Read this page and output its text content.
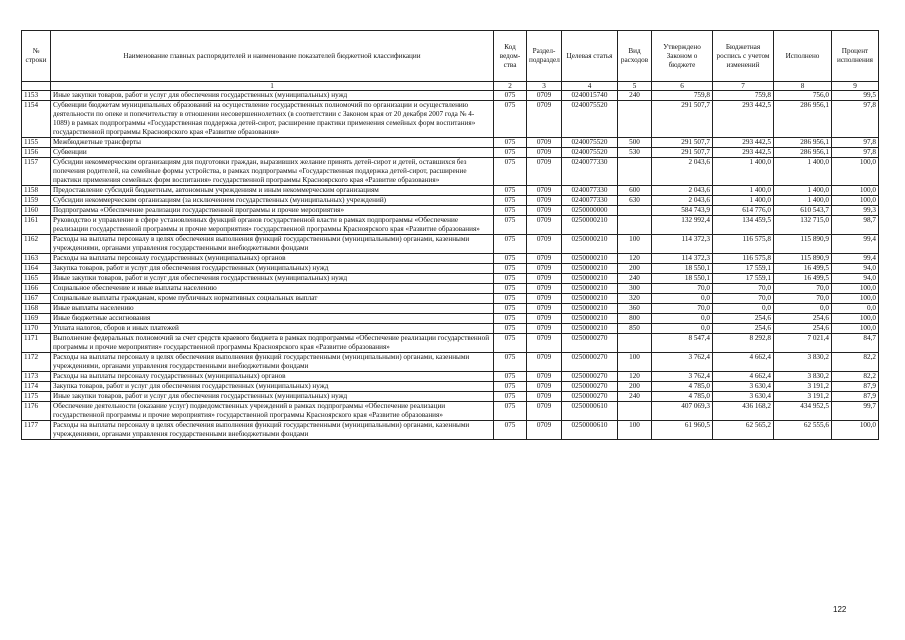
№ строки	Наименование главных распорядителей и наименование показателей бюджетной классификации	Код ведом-ства	Раздел-подраздел	Целевая статья	Вид расходов	Утверждено Законом о бюджете	Бюджетная роспись с учетом изменений	Исполнено	Процент исполнения
	1	2	3	4	5	6	7	8	9
1153	Иные закупки товаров, работ и услуг для обеспечения государственных (муниципальных) нужд	075	0709	0240015740	240	759,8	759,8	756,0	99,5
1154	Субвенции бюджетам муниципальных образований на осуществление государственных полномочий по организации и осуществлению деятельности по опеке и попечительству в отношении несовершеннолетних (в соответствии с Законом края от 20 декабря 2007 года № 4-1089) в рамках подпрограммы «Государственная поддержка детей-сирот, расширение практики применения семейных форм воспитания» государственной программы Красноярского края «Развитие образования»	075	0709	0240075520		291 507,7	293 442,5	286 956,1	97,8
1155	Межбюджетные трансферты	075	0709	0240075520	500	291 507,7	293 442,5	286 956,1	97,8
1156	Субвенции	075	0709	0240075520	530	291 507,7	293 442,5	286 956,1	97,8
1157	Субсидии некоммерческим организациям для подготовки граждан, выразивших желание принять детей-сирот и детей, оставшихся без попечения родителей, на семейные формы устройства, в рамках подпрограммы «Государственная поддержка детей-сирот, расширение практики применения семейных форм воспитания» государственной программы Красноярского края «Развитие образования»	075	0709	0240077330		2 043,6	1 400,0	1 400,0	100,0
1158	Предоставление субсидий бюджетным, автономным учреждениям и иным некоммерческим организациям	075	0709	0240077330	600	2 043,6	1 400,0	1 400,0	100,0
1159	Субсидии некоммерческим организациям (за исключением государственных (муниципальных) учреждений)	075	0709	0240077330	630	2 043,6	1 400,0	1 400,0	100,0
1160	Подпрограмма «Обеспечение реализации государственной программы и прочие мероприятия»	075	0709	0250000000		584 743,9	614 776,0	610 543,7	99,3
1161	Руководство и управление в сфере установленных функций органов государственной власти в рамках подпрограммы «Обеспечение реализации государственной программы и прочие мероприятия» государственной программы Красноярского края «Развитие образования»	075	0709	0250000210		132 992,4	134 459,5	132 715,0	98,7
1162	Расходы на выплаты персоналу в целях обеспечения выполнения функций государственными (муниципальными) органами, казенными учреждениями, органами управления государственными внебюджетными фондами	075	0709	0250000210	100	114 372,3	116 575,8	115 890,9	99,4
1163	Расходы на выплаты персоналу государственных (муниципальных) органов	075	0709	0250000210	120	114 372,3	116 575,8	115 890,9	99,4
1164	Закупка товаров, работ и услуг для обеспечения государственных (муниципальных) нужд	075	0709	0250000210	200	18 550,1	17 559,1	16 499,5	94,0
1165	Иные закупки товаров, работ и услуг для обеспечения государственных (муниципальных) нужд	075	0709	0250000210	240	18 550,1	17 559,1	16 499,5	94,0
1166	Социальное обеспечение и иные выплаты населению	075	0709	0250000210	300	70,0	70,0	70,0	100,0
1167	Социальные выплаты гражданам, кроме публичных нормативных социальных выплат	075	0709	0250000210	320	0,0	70,0	70,0	100,0
1168	Иные выплаты населению	075	0709	0250000210	360	70,0	0,0	0,0	0,0
1169	Иные бюджетные ассигнования	075	0709	0250000210	800	0,0	254,6	254,6	100,0
1170	Уплата налогов, сборов и иных платежей	075	0709	0250000210	850	0,0	254,6	254,6	100,0
1171	Выполнение федеральных полномочий за счет средств краевого бюджета в рамках подпрограммы «Обеспечение реализации государственной программы и прочие мероприятия» государственной программы Красноярского края «Развитие образования»	075	0709	0250000270		8 547,4	8 292,8	7 021,4	84,7
1172	Расходы на выплаты персоналу в целях обеспечения выполнения функций государственными (муниципальными) органами, казенными учреждениями, органами управления государственными внебюджетными фондами	075	0709	0250000270	100	3 762,4	4 662,4	3 830,2	82,2
1173	Расходы на выплаты персоналу государственных (муниципальных) органов	075	0709	0250000270	120	3 762,4	4 662,4	3 830,2	82,2
1174	Закупка товаров, работ и услуг для обеспечения государственных (муниципальных) нужд	075	0709	0250000270	200	4 785,0	3 630,4	3 191,2	87,9
1175	Иные закупки товаров, работ и услуг для обеспечения государственных (муниципальных) нужд	075	0709	0250000270	240	4 785,0	3 630,4	3 191,2	87,9
1176	Обеспечение деятельности (оказание услуг) подведомственных учреждений в рамках подпрограммы «Обеспечение реализации государственной программы и прочие мероприятия» государственной программы Красноярского края «Развитие образования»	075	0709	0250000610		407 069,3	436 168,2	434 952,5	99,7
1177	Расходы на выплаты персоналу в целях обеспечения выполнения функций государственными (муниципальными) органами, казенными учреждениями, органами управления государственными внебюджетными фондами	075	0709	0250000610	100	61 960,5	62 565,2	62 555,6	100,0
122
